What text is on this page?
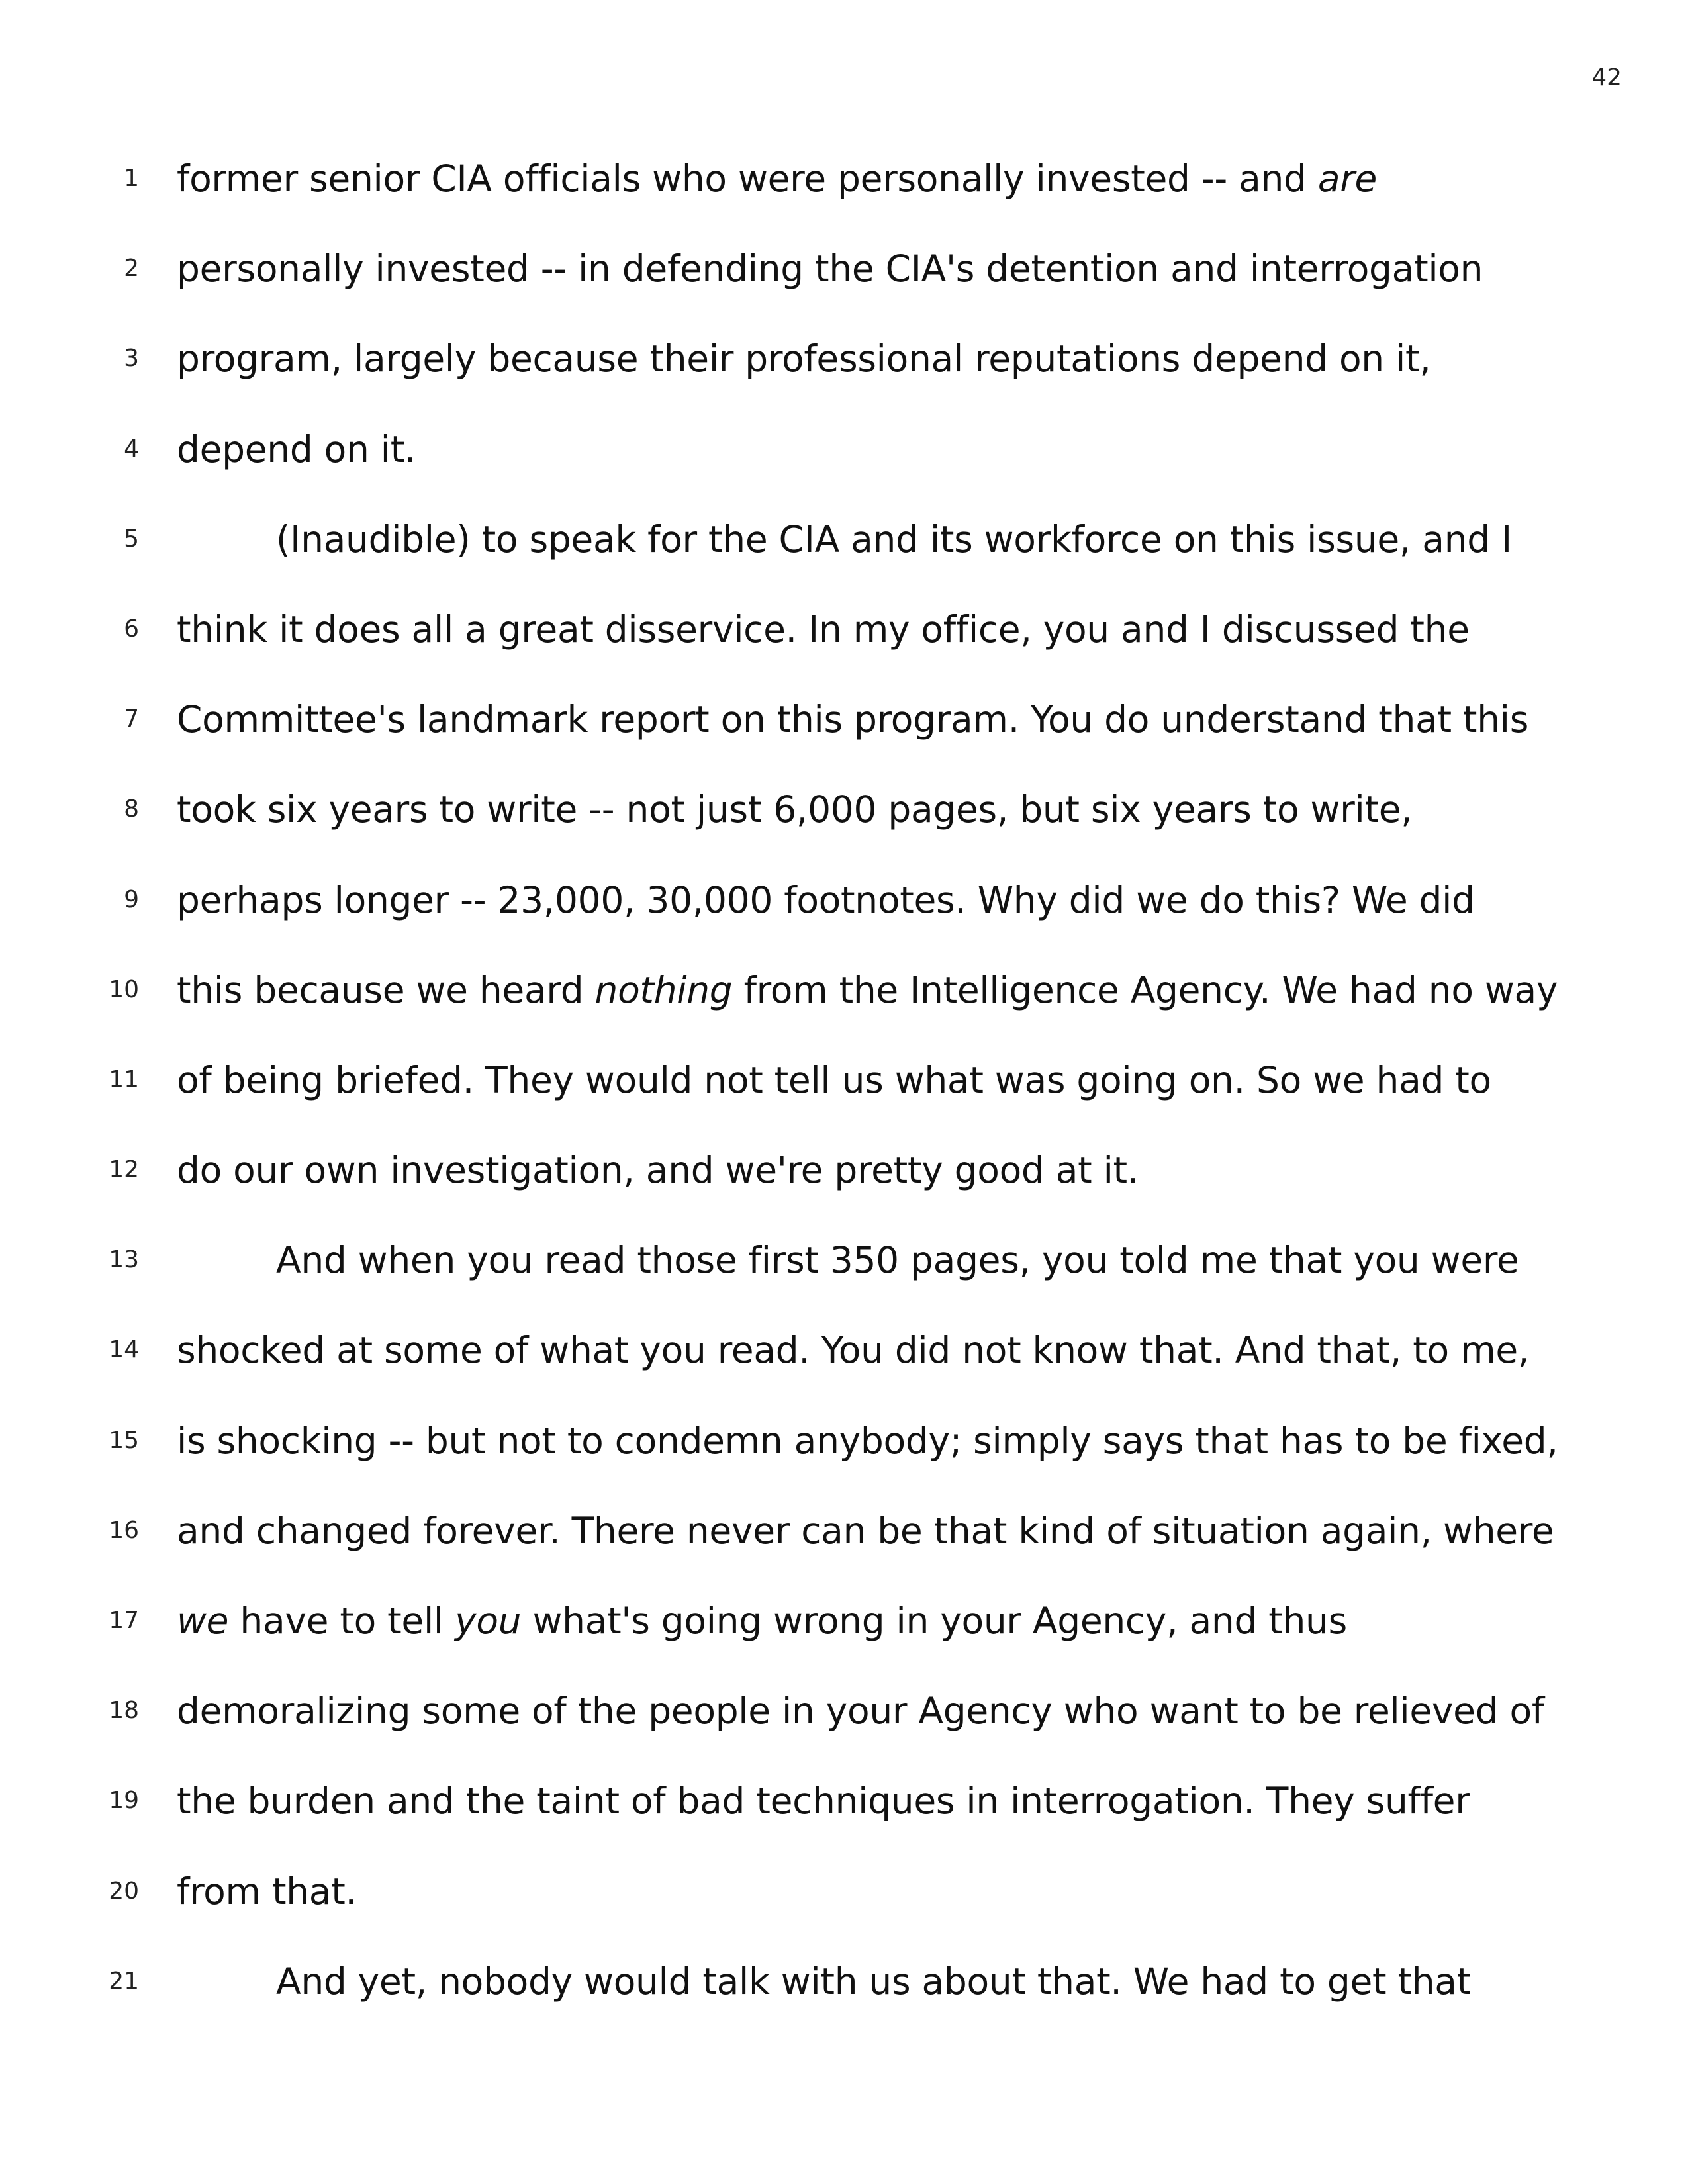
42
1 former senior CIA officials who were personally invested -- and are
2 personally invested -- in defending the CIA's detention and interrogation
3 program, largely because their professional reputations depend on it,
4 depend on it.
5	(Inaudible) to speak for the CIA and its workforce on this issue, and I
6 think it does all a great disservice. In my office, you and I discussed the
7 Committee's landmark report on this program. You do understand that this
8 took six years to write -- not just 6,000 pages, but six years to write,
9 perhaps longer -- 23,000, 30,000 footnotes. Why did we do this? We did
10 this because we heard nothing from the Intelligence Agency. We had no way
11 of being briefed. They would not tell us what was going on. So we had to
12 do our own investigation, and we're pretty good at it.
13	And when you read those first 350 pages, you told me that you were
14 shocked at some of what you read. You did not know that. And that, to me,
15 is shocking -- but not to condemn anybody; simply says that has to be fixed,
16 and changed forever. There never can be that kind of situation again, where
17 we have to tell you what's going wrong in your Agency, and thus
18 demoralizing some of the people in your Agency who want to be relieved of
19 the burden and the taint of bad techniques in interrogation. They suffer
20 from that.
21	And yet, nobody would talk with us about that. We had to get that
